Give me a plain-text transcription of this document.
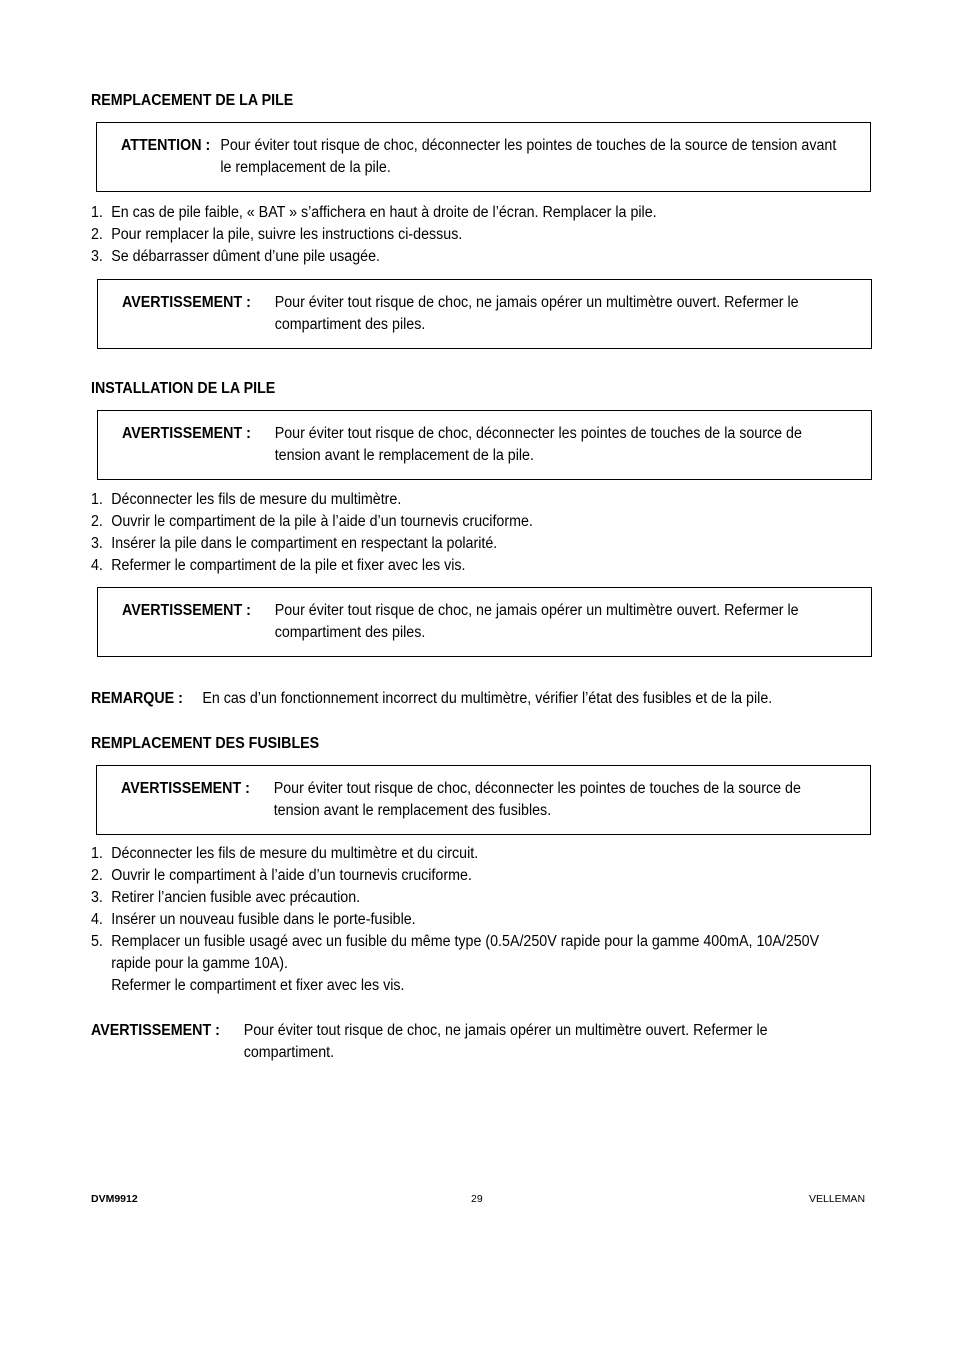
REMPLACEMENT DE LA PILE
ATTENTION : Pour éviter tout risque de choc, déconnecter les pointes de touches de la source de tension avant le remplacement de la pile.
1. En cas de pile faible, « BAT » s’affichera en haut à droite de l’écran. Remplacer la pile.
2. Pour remplacer la pile, suivre les instructions ci-dessus.
3. Se débarrasser dûment d’une pile usagée.
AVERTISSEMENT :	Pour éviter tout risque de choc, ne jamais opérer un multimètre ouvert. Refermer le compartiment des piles.
INSTALLATION DE LA PILE
AVERTISSEMENT :	Pour éviter tout risque de choc, déconnecter les pointes de touches de la source de tension avant le remplacement de la pile.
1. Déconnecter les fils de mesure du multimètre.
2. Ouvrir le compartiment de la pile à l’aide d’un tournevis cruciforme.
3. Insérer la pile dans le compartiment en respectant la polarité.
4. Refermer le compartiment de la pile et fixer avec les vis.
AVERTISSEMENT :	Pour éviter tout risque de choc, ne jamais opérer un multimètre ouvert. Refermer le compartiment des piles.
REMARQUE :	En cas d’un fonctionnement incorrect du multimètre, vérifier l’état des fusibles et de la pile.
REMPLACEMENT DES FUSIBLES
AVERTISSEMENT :	Pour éviter tout risque de choc, déconnecter les pointes de touches de la source de tension avant le remplacement des fusibles.
1. Déconnecter les fils de mesure du multimètre et du circuit.
2. Ouvrir le compartiment à l’aide d’un tournevis cruciforme.
3. Retirer l’ancien fusible avec précaution.
4. Insérer un nouveau fusible dans le porte-fusible.
5. Remplacer un fusible usagé avec un fusible du même type (0.5A/250V rapide pour la gamme 400mA, 10A/250V rapide pour la gamme 10A).
Refermer le compartiment et fixer avec les vis.
AVERTISSEMENT :	Pour éviter tout risque de choc, ne jamais opérer un multimètre ouvert. Refermer le compartiment.
DVM9912	29	VELLEMAN
